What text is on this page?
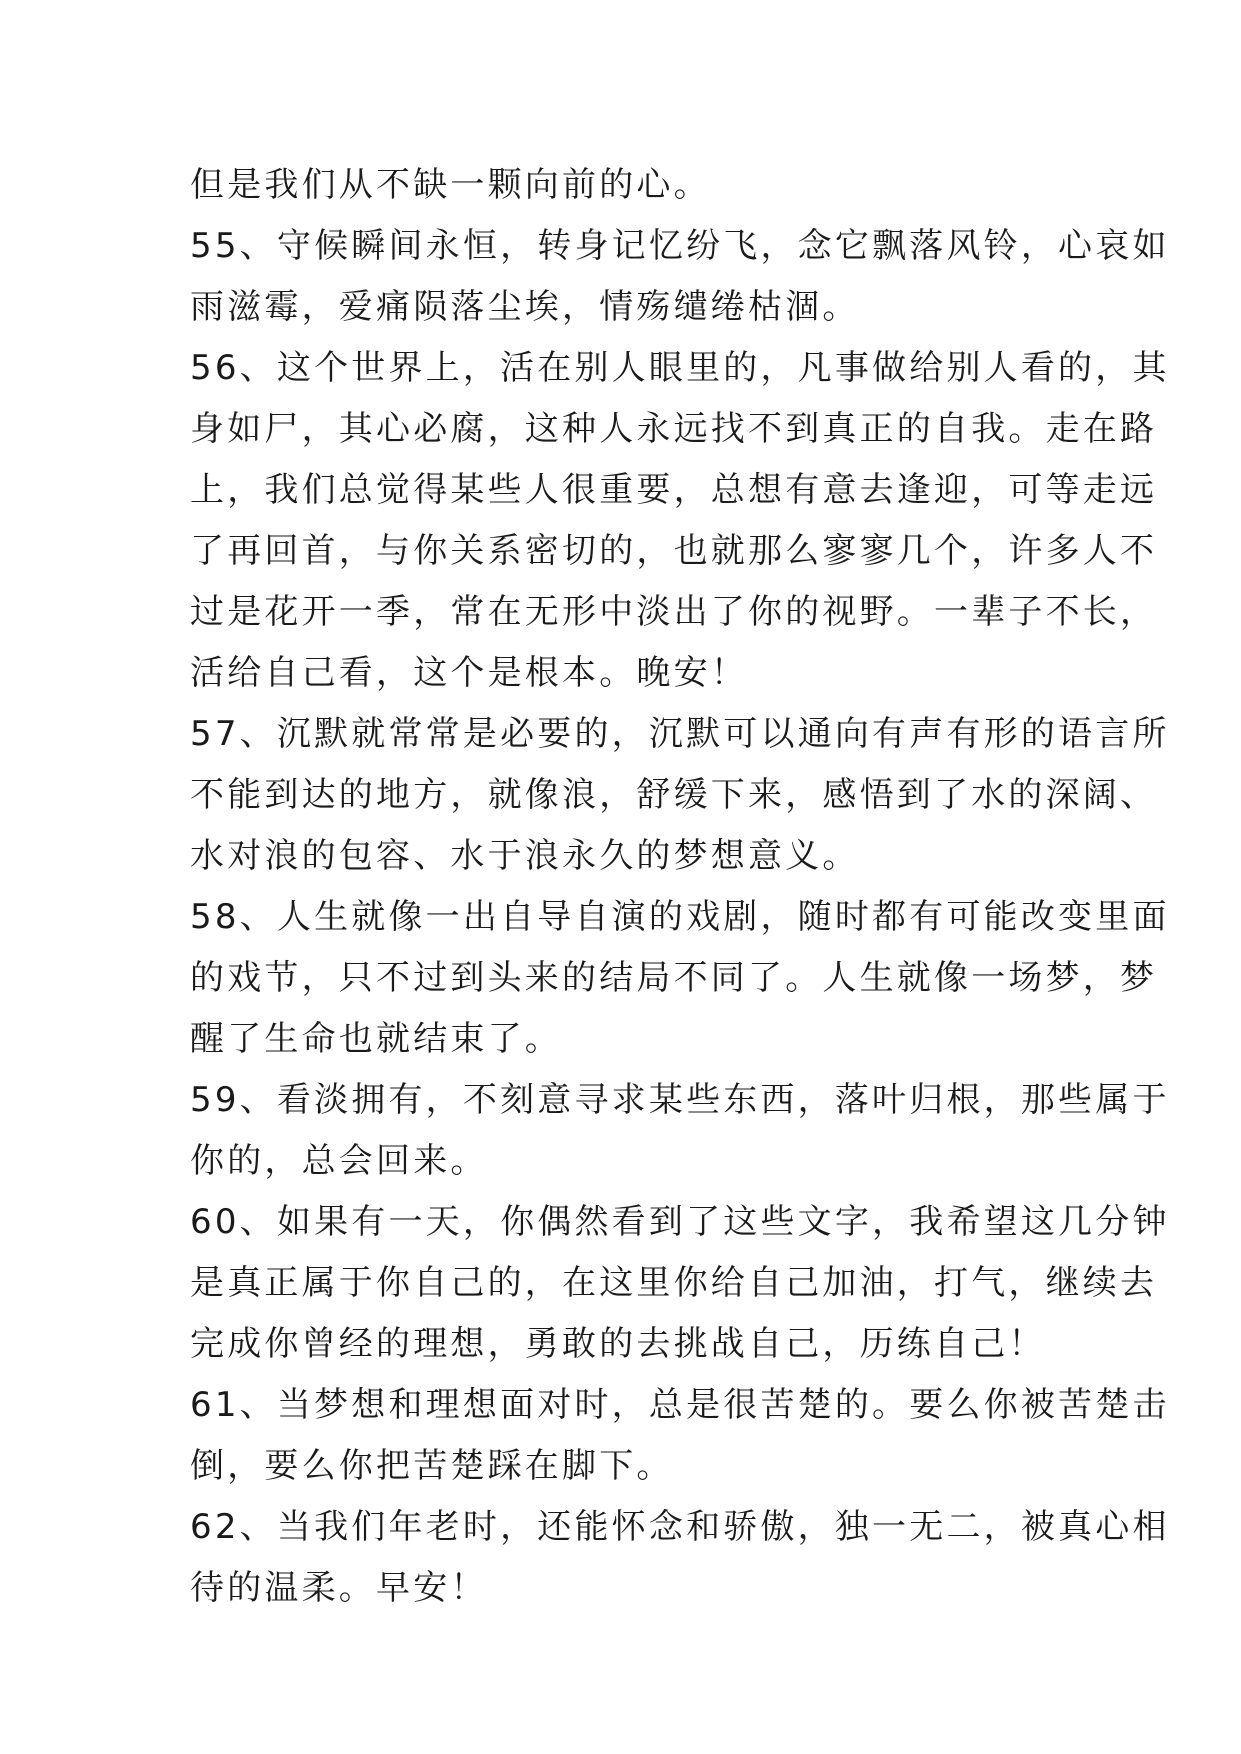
但是我们从不缺一颗向前的心。
55、守候瞬间永恒，转身记忆纷飞，念它飘落风铃，心哀如
雨滋霉，爱痛陨落尘埃，情殇缱绻枯涸。
56、这个世界上，活在别人眼里的，凡事做给别人看的，其
身如尸，其心必腐，这种人永远找不到真正的自我。走在路
上，我们总觉得某些人很重要，总想有意去逢迎，可等走远
了再回首，与你关系密切的，也就那么寥寥几个，许多人不
过是花开一季，常在无形中淡出了你的视野。一辈子不长，
活给自己看，这个是根本。晚安！
57、沉默就常常是必要的，沉默可以通向有声有形的语言所
不能到达的地方，就像浪，舒缓下来，感悟到了水的深阔、
水对浪的包容、水于浪永久的梦想意义。
58、人生就像一出自导自演的戏剧，随时都有可能改变里面
的戏节，只不过到头来的结局不同了。人生就像一场梦，梦
醒了生命也就结束了。
59、看淡拥有，不刻意寻求某些东西，落叶归根，那些属于
你的，总会回来。
60、如果有一天，你偶然看到了这些文字，我希望这几分钟
是真正属于你自己的，在这里你给自己加油，打气，继续去
完成你曾经的理想，勇敢的去挑战自己，历练自己！
61、当梦想和理想面对时，总是很苦楚的。要么你被苦楚击
倒，要么你把苦楚踩在脚下。
62、当我们年老时，还能怀念和骄傲，独一无二，被真心相
待的温柔。早安！
